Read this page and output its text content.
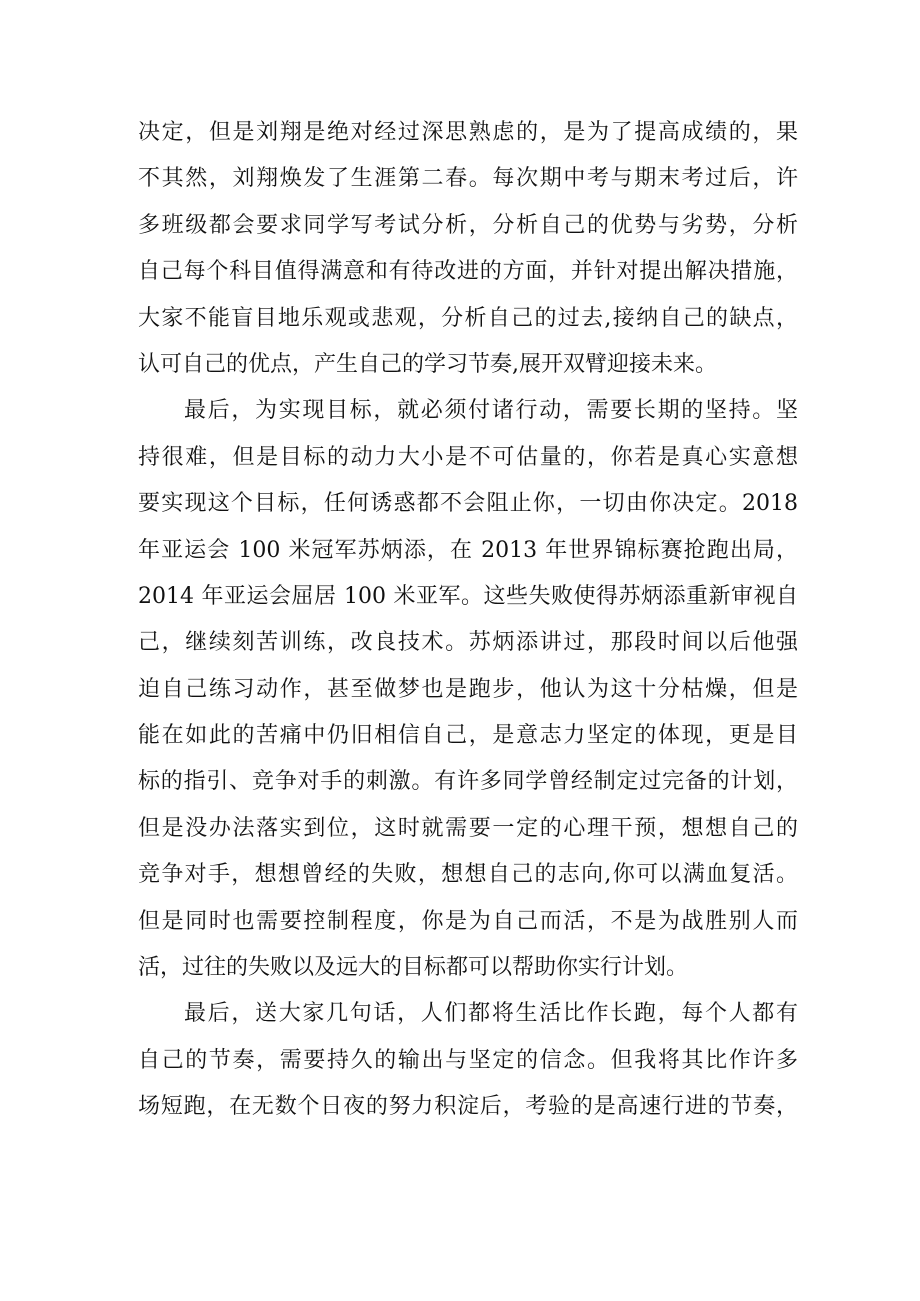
决定，但是刘翔是绝对经过深思熟虑的，是为了提高成绩的，果
不其然，刘翔焕发了生涯第二春。每次期中考与期末考过后，许
多班级都会要求同学写考试分析，分析自己的优势与劣势，分析
自己每个科目值得满意和有待改进的方面，并针对提出解决措施，
大家不能盲目地乐观或悲观，分析自己的过去,接纳自己的缺点，
认可自己的优点，产生自己的学习节奏,展开双臂迎接未来。
最后，为实现目标，就必须付诸行动，需要长期的坚持。坚
持很难，但是目标的动力大小是不可估量的，你若是真心实意想
要实现这个目标，任何诱惑都不会阻止你，一切由你决定。2018
年亚运会 100 米冠军苏炳添，在 2013 年世界锦标赛抢跑出局，
2014 年亚运会屈居 100 米亚军。这些失败使得苏炳添重新审视自
己，继续刻苦训练，改良技术。苏炳添讲过，那段时间以后他强
迫自己练习动作，甚至做梦也是跑步，他认为这十分枯燥，但是
能在如此的苦痛中仍旧相信自己，是意志力坚定的体现，更是目
标的指引、竞争对手的刺激。有许多同学曾经制定过完备的计划，
但是没办法落实到位，这时就需要一定的心理干预，想想自己的
竞争对手，想想曾经的失败，想想自己的志向,你可以满血复活。
但是同时也需要控制程度，你是为自己而活，不是为战胜别人而
活，过往的失败以及远大的目标都可以帮助你实行计划。
最后，送大家几句话，人们都将生活比作长跑，每个人都有
自己的节奏，需要持久的输出与坚定的信念。但我将其比作许多
场短跑，在无数个日夜的努力积淀后，考验的是高速行进的节奏，
